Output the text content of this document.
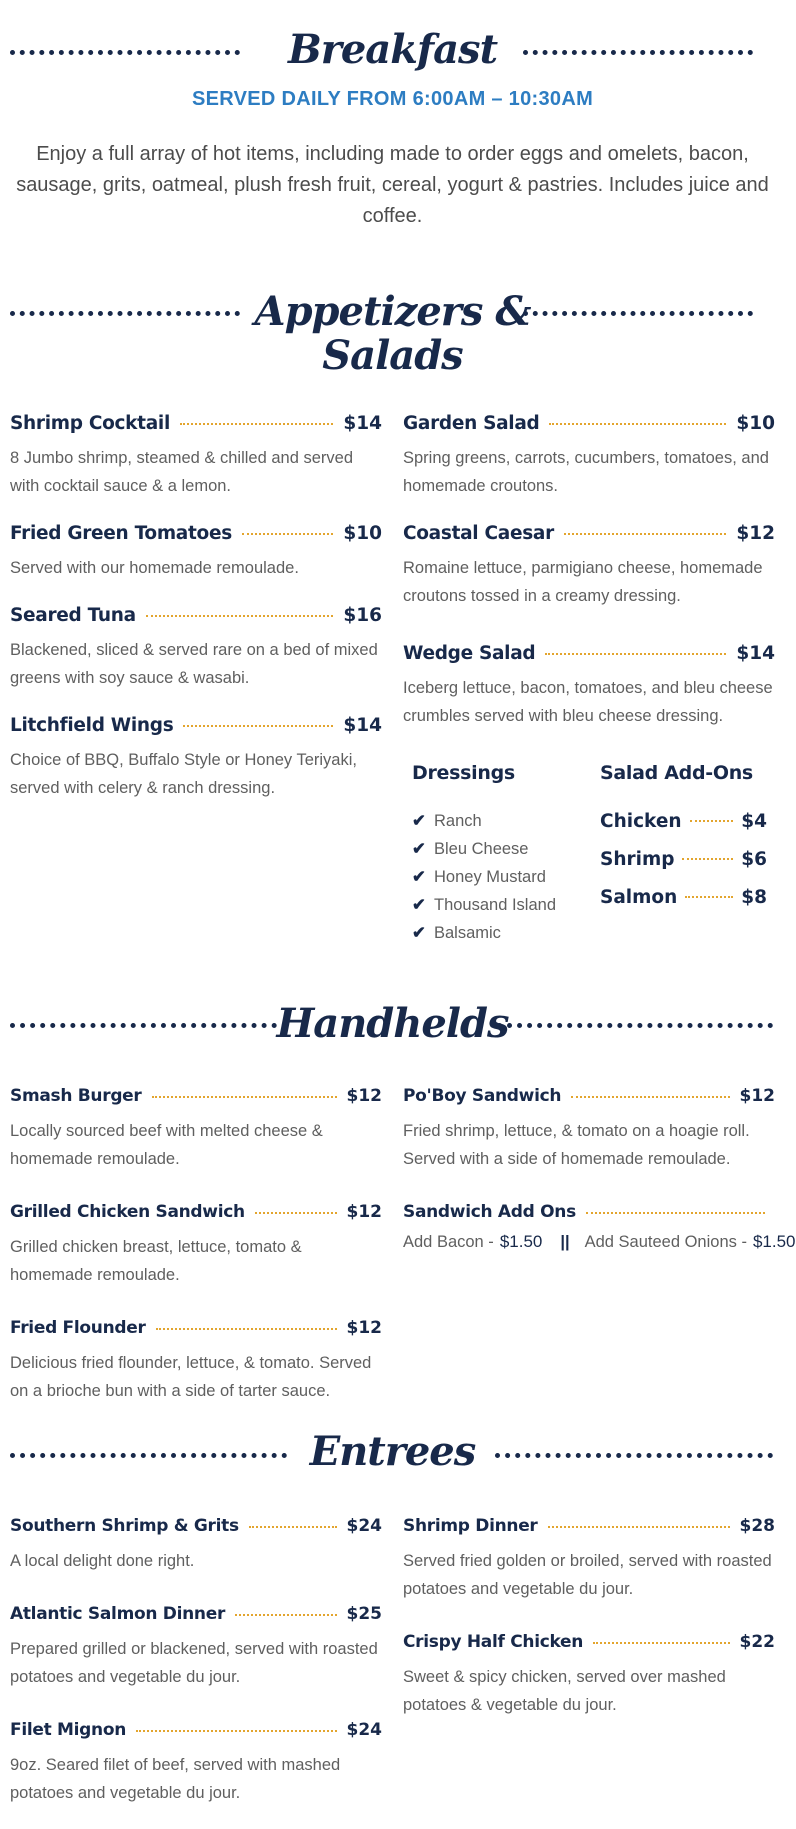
Breakfast
SERVED DAILY FROM 6:00AM – 10:30AM
Enjoy a full array of hot items, including made to order eggs and omelets, bacon, sausage, grits, oatmeal, plush fresh fruit, cereal, yogurt & pastries. Includes juice and coffee.
Appetizers &
Salads
Shrimp Cocktail	$14
8 Jumbo shrimp, steamed & chilled and served with cocktail sauce & a lemon.
Fried Green Tomatoes	$10
Served with our homemade remoulade.
Seared Tuna	$16
Blackened, sliced & served rare on a bed of mixed greens with soy sauce & wasabi.
Litchfield Wings	$14
Choice of BBQ, Buffalo Style or Honey Teriyaki, served with celery & ranch dressing.
Garden Salad	$10
Spring greens, carrots, cucumbers, tomatoes, and homemade croutons.
Coastal Caesar	$12
Romaine lettuce, parmigiano cheese, homemade croutons tossed in a creamy dressing.
Wedge Salad	$14
Iceberg lettuce, bacon, tomatoes, and bleu cheese crumbles served with bleu cheese dressing.
Dressings
✔ Ranch
✔ Bleu Cheese
✔ Honey Mustard
✔ Thousand Island
✔ Balsamic
Salad Add-Ons
Chicken	$4
Shrimp	$6
Salmon	$8
Handhelds
Smash Burger	$12
Locally sourced beef with melted cheese & homemade remoulade.
Grilled Chicken Sandwich	$12
Grilled chicken breast, lettuce, tomato & homemade remoulade.
Fried Flounder	$12
Delicious fried flounder, lettuce, & tomato. Served on a brioche bun with a side of tarter sauce.
Po'Boy Sandwich	$12
Fried shrimp, lettuce, & tomato on a hoagie roll. Served with a side of homemade remoulade.
Sandwich Add Ons
Add Bacon - $1.50 || Add Sauteed Onions - $1.50
Entrees
Southern Shrimp & Grits	$24
A local delight done right.
Atlantic Salmon Dinner	$25
Prepared grilled or blackened, served with roasted potatoes and vegetable du jour.
Filet Mignon	$24
9oz. Seared filet of beef, served with mashed potatoes and vegetable du jour.
Shrimp Dinner	$28
Served fried golden or broiled, served with roasted potatoes and vegetable du jour.
Crispy Half Chicken	$22
Sweet & spicy chicken, served over mashed potatoes & vegetable du jour.
